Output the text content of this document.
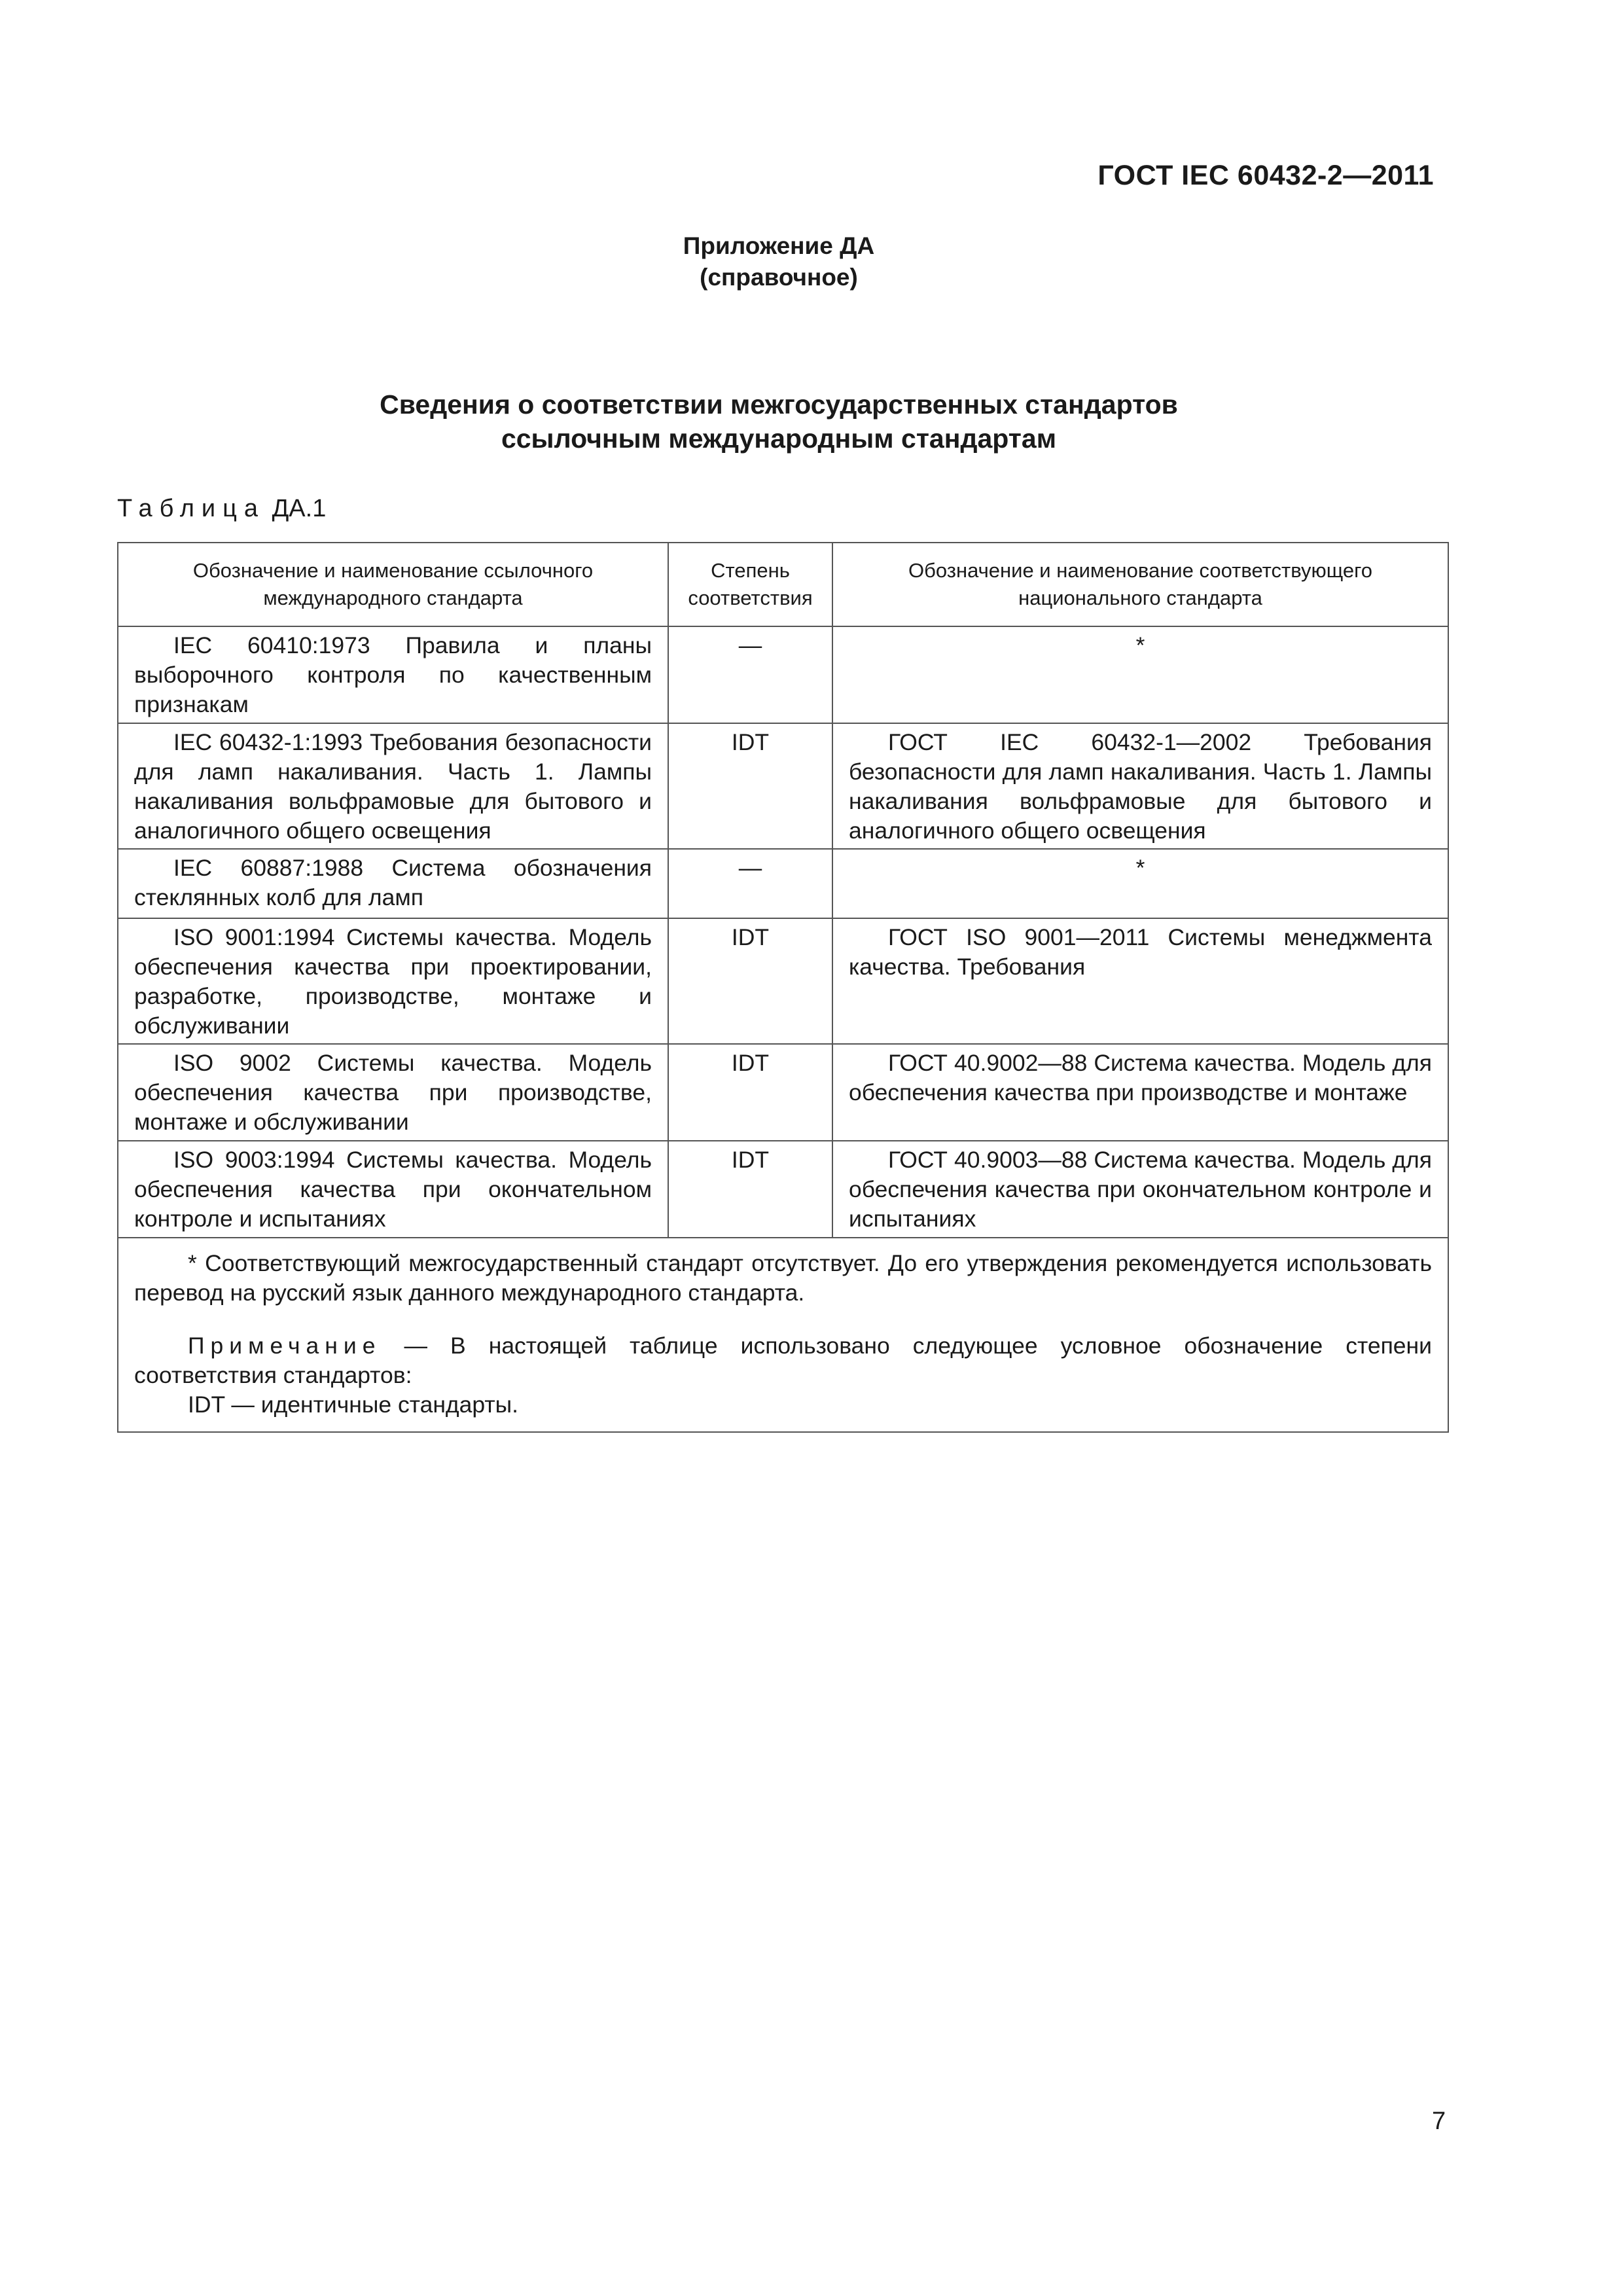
ГОСТ IEC 60432-2—2011
Приложение ДА
(справочное)
Сведения о соответствии межгосударственных стандартов
ссылочным международным стандартам
Таблица ДА.1
Обозначение и наименование ссылочного международного стандарта	Степень соответствия	Обозначение и наименование соответствующего национального стандарта
IEC 60410:1973 Правила и планы выборочного контроля по качественным признакам	—	*
IEC 60432-1:1993 Требования безопасности для ламп накаливания. Часть 1. Лампы накаливания вольфрамовые для бытового и аналогичного общего освещения	IDT	ГОСТ IEC 60432-1—2002 Требования безопасности для ламп накаливания. Часть 1. Лампы накаливания вольфрамовые для бытового и аналогичного общего освещения
IEC 60887:1988 Система обозначения стеклянных колб для ламп	—	*
ISO 9001:1994 Системы качества. Модель обеспечения качества при проектировании, разработке, производстве, монтаже и обслуживании	IDT	ГОСТ ISO 9001—2011 Системы менеджмента качества. Требования
ISO 9002 Системы качества. Модель обеспечения качества при производстве, монтаже и обслуживании	IDT	ГОСТ 40.9002—88 Система качества. Модель для обеспечения качества при производстве и монтаже
ISO 9003:1994 Системы качества. Модель обеспечения качества при окончательном контроле и испытаниях	IDT	ГОСТ 40.9003—88 Система качества. Модель для обеспечения качества при окончательном контроле и испытаниях

* Соответствующий межгосударственный стандарт отсутствует. До его утверждения рекомендуется использовать перевод на русский язык данного международного стандарта.

Примечание — В настоящей таблице использовано следующее условное обозначение степени соответствия стандартов:

IDT — идентичные стандарты.		

7
